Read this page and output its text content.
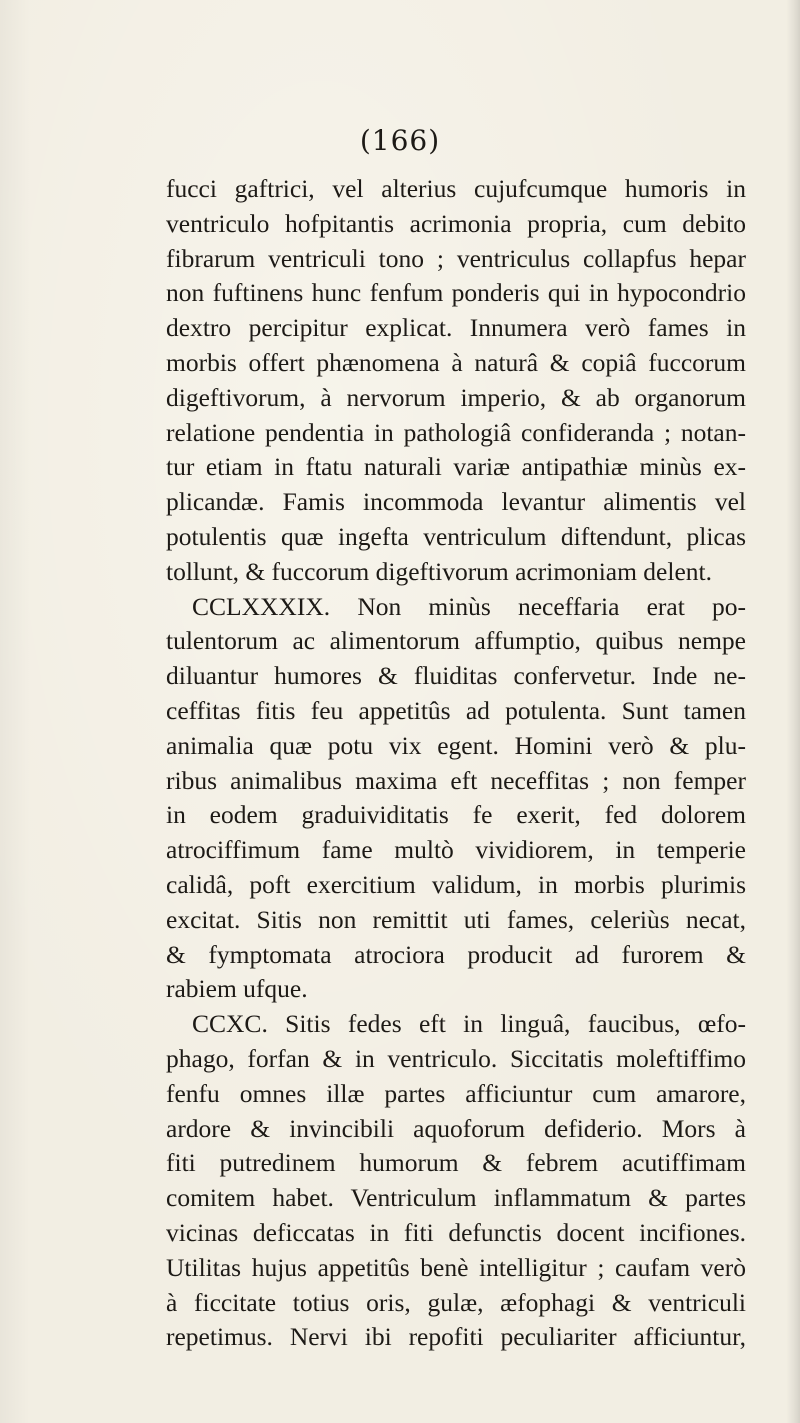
(166)
fucci gaftrici, vel alterius cujufcumque humoris in
ventriculo hofpitantis acrimonia propria, cum debito
fibrarum ventriculi tono ; ventriculus collapfus hepar
non fuftinens hunc fenfum ponderis qui in hypocondrio
dextro percipitur explicat. Innumera verò fames in
morbis offert phænomena à naturâ & copiâ fuccorum
digeftivorum, à nervorum imperio, & ab organorum
relatione pendentia in pathologiâ confideranda ; notan-
tur etiam in ftatu naturali variæ antipathiæ minùs ex-
plicandæ. Famis incommoda levantur alimentis vel
potulentis quæ ingefta ventriculum diftendunt, plicas
tollunt, & fuccorum digeftivorum acrimoniam delent.
CCLXXXIX. Non minùs neceffaria erat po-
tulentorum ac alimentorum affumptio, quibus nempe
diluantur humores & fluiditas confervetur. Inde ne-
ceffitas fitis feu appetitûs ad potulenta. Sunt tamen
animalia quæ potu vix egent. Homini verò & plu-
ribus animalibus maxima eft neceffitas ; non femper
in eodem graduividitatis fe exerit, fed dolorem
atrociffimum fame multò vividiorem, in temperie
calidâ, poft exercitium validum, in morbis plurimis
excitat. Sitis non remittit uti fames, celeriùs necat,
& fymptomata atrociora producit ad furorem &
rabiem ufque.
CCXC. Sitis fedes eft in linguâ, faucibus, œfo-
phago, forfan & in ventriculo. Siccitatis moleftiffimo
fenfu omnes illæ partes afficiuntur cum amarore,
ardore & invincibili aquoforum defiderio. Mors à
fiti putredinem humorum & febrem acutiffimam
comitem habet. Ventriculum inflammatum & partes
vicinas deficcatas in fiti defunctis docent incifiones.
Utilitas hujus appetitûs benè intelligitur ; caufam verò
à ficcitate totius oris, gulæ, æfophagi & ventriculi
repetimus. Nervi ibi repofiti peculiariter afficiuntur,
